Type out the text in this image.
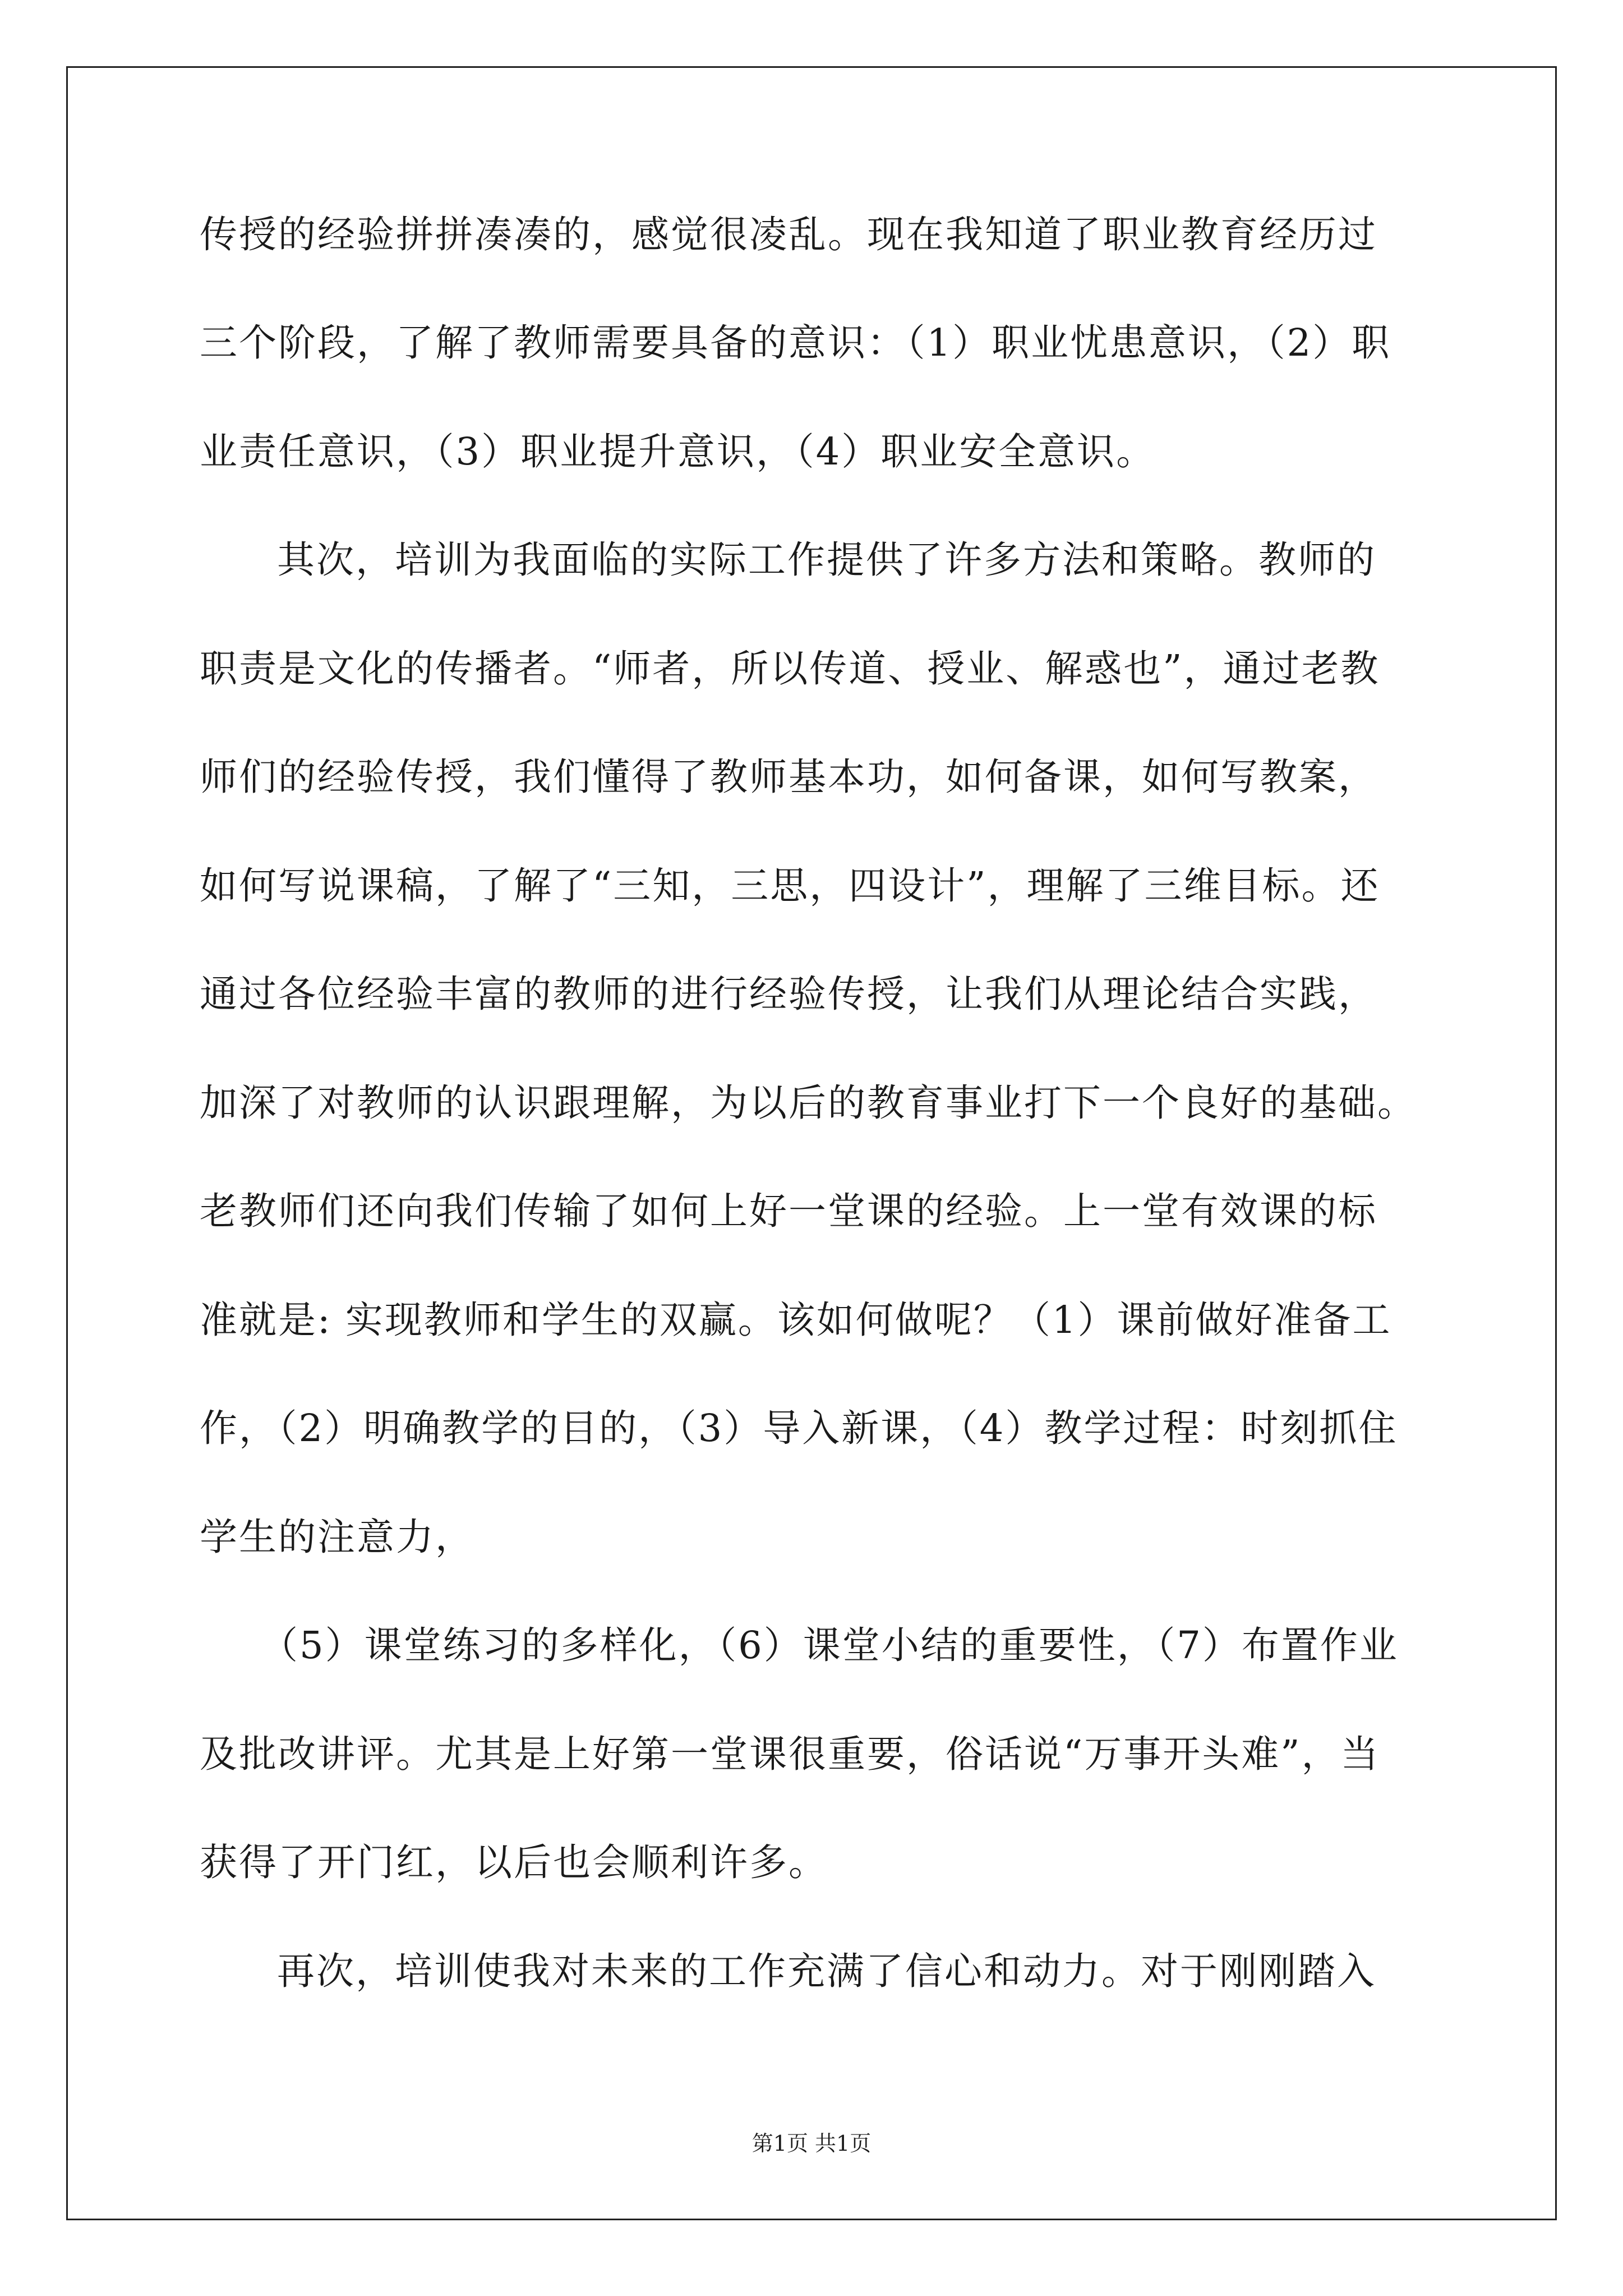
传授的经验拼拼凑凑的，感觉很凌乱。现在我知道了职业教育经历过
三个阶段，了解了教师需要具备的意识：（1）职业忧患意识，（2）职
业责任意识，（3）职业提升意识，（4）职业安全意识。
其次，培训为我面临的实际工作提供了许多方法和策略。教师的
职责是文化的传播者。“师者，所以传道、授业、解惑也”，通过老教
师们的经验传授，我们懂得了教师基本功，如何备课，如何写教案，
如何写说课稿，了解了“三知，三思，四设计”，理解了三维目标。还
通过各位经验丰富的教师的进行经验传授，让我们从理论结合实践，
加深了对教师的认识跟理解，为以后的教育事业打下一个良好的基础。
老教师们还向我们传输了如何上好一堂课的经验。上一堂有效课的标
准就是: 实现教师和学生的双赢。该如何做呢？（1）课前做好准备工
作，（2）明确教学的目的，（3）导入新课，（4）教学过程：时刻抓住
学生的注意力，
（5）课堂练习的多样化，（6）课堂小结的重要性，（7）布置作业
及批改讲评。尤其是上好第一堂课很重要，俗话说“万事开头难”，当
获得了开门红，以后也会顺利许多。
再次，培训使我对未来的工作充满了信心和动力。对于刚刚踏入
第1页 共1页
